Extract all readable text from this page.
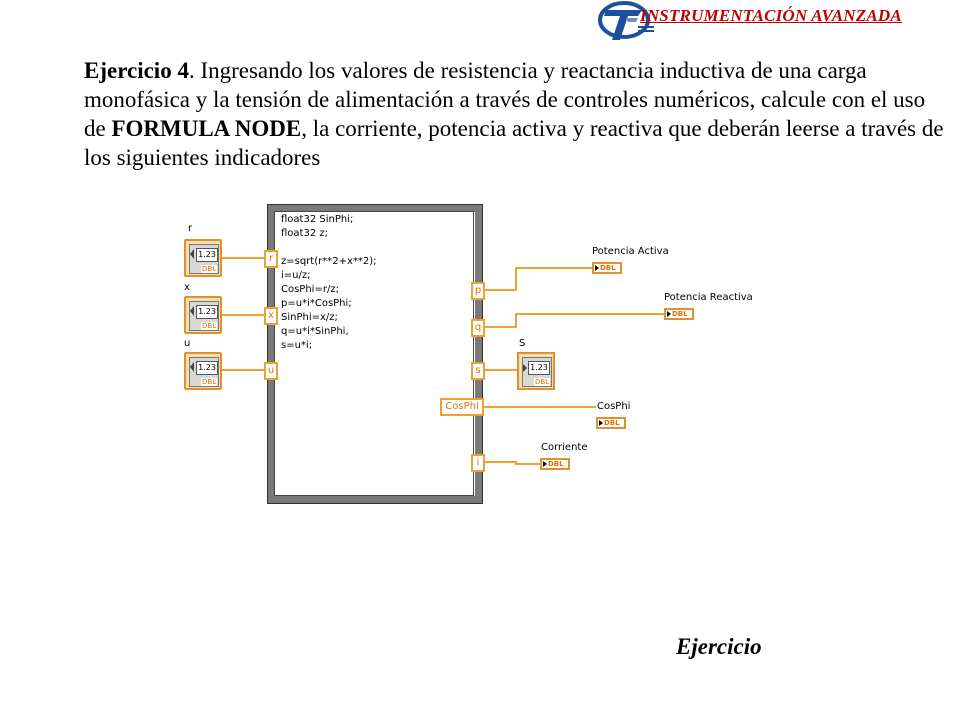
INSTRUMENTACIÓN AVANZADA
Ejercicio 4. Ingresando los valores de resistencia y reactancia inductiva de una carga monofásica y la tensión de alimentación a través de controles numéricos, calcule con el uso de FORMULA NODE, la corriente, potencia activa y reactiva que deberán leerse a través de los siguientes indicadores
r
1.23
DBL
x
1.23
DBL
u
1.23
DBL
float32 SinPhi;
float32 z;

z=sqrt(r**2+x**2);
i=u/z;
CosPhi=r/z;
p=u*i*CosPhi;
SinPhi=x/z;
q=u*i*SinPhi,
s=u*i;
r
x
u
p
q
s
CosPhi
i
Potencia Activa
DBL
Potencia Reactiva
DBL
S
1.23
DBL
CosPhi
DBL
Corriente
DBL
Ejercicio
